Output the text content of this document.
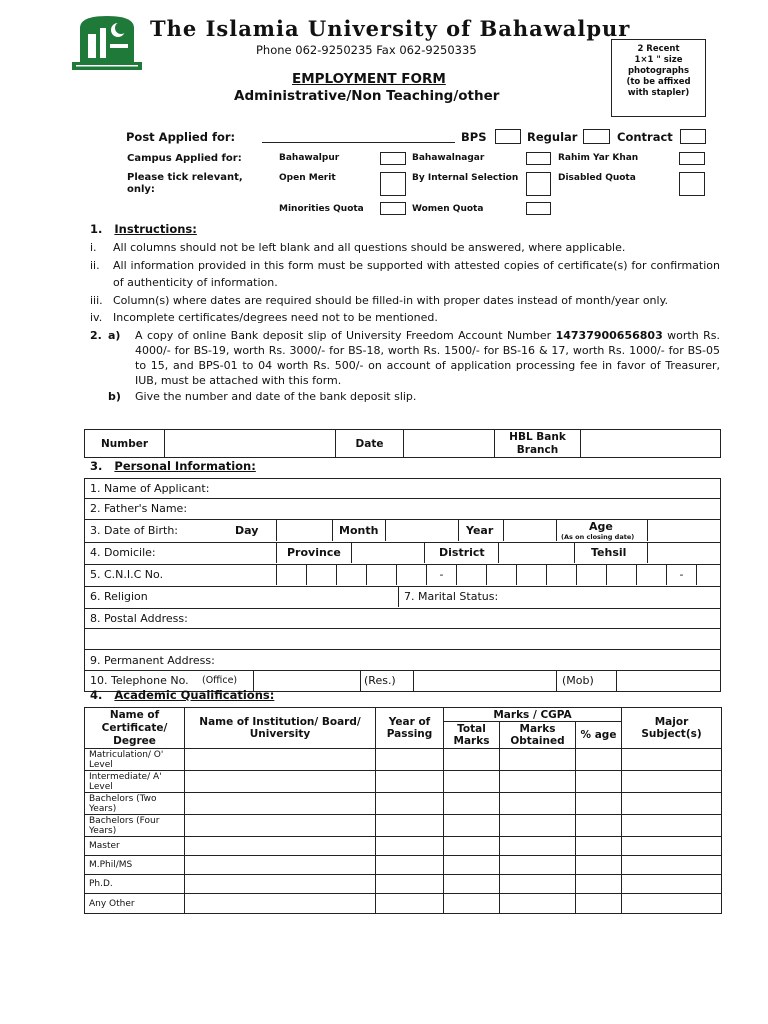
The Islamia University of Bahawalpur
Phone 062-9250235 Fax 062-9250335	2 Recent
1×1 " size
photographs
(to be affixed
with stapler)
EMPLOYMENT FORM
Administrative/Non Teaching/other
Post Applied for:	BPS	Regular	Contract
Campus Applied for:
Please tick relevant, only:
Bahawalpur	Bahawalnagar	Rahim Yar Khan
Open Merit	By Internal Selection	Disabled Quota
Minorities Quota	Women Quota
1. Instructions:
i. All columns should not be left blank and all questions should be answered, where applicable.
ii. All information provided in this form must be supported with attested copies of certificate(s) for confirmation of authenticity of information.
iii. Column(s) where dates are required should be filled-in with proper dates instead of month/year only.
iv. Incomplete certificates/degrees need not to be mentioned.
2. a) A copy of online Bank deposit slip of University Freedom Account Number 14737900656803 worth Rs. 4000/- for BS-19, worth Rs. 3000/- for BS-18, worth Rs. 1500/- for BS-16 & 17, worth Rs. 1000/- for BS-05 to 15, and BPS-01 to 04 worth Rs. 500/- on account of application processing fee in favor of Treasurer, IUB, must be attached with this form.
b) Give the number and date of the bank deposit slip.
Number		Date		HBL Bank Branch	
3. Personal Information:
1. Name of Applicant:
2. Father's Name:
3. Date of Birth:	Day	Month	Year	Age
(As on closing date)
4. Domicile:	Province	District	Tehsil
5. C.N.I.C No.	-	-
6. Religion	7. Marital Status:
8. Postal Address:
9. Permanent Address:
10. Telephone No. (Office)	(Res.)	(Mob)
4. Academic Qualifications:
Name of Certificate/ Degree	Name of Institution/ Board/ University	Year of Passing	Marks / CGPA			Major Subject(s)
			Total Marks	Marks Obtained	% age	
Matriculation/ O' Level						
Intermediate/ A' Level						
Bachelors (Two Years)						
Bachelors (Four Years)						
Master						
M.Phil/MS						
Ph.D.						
Any Other						
